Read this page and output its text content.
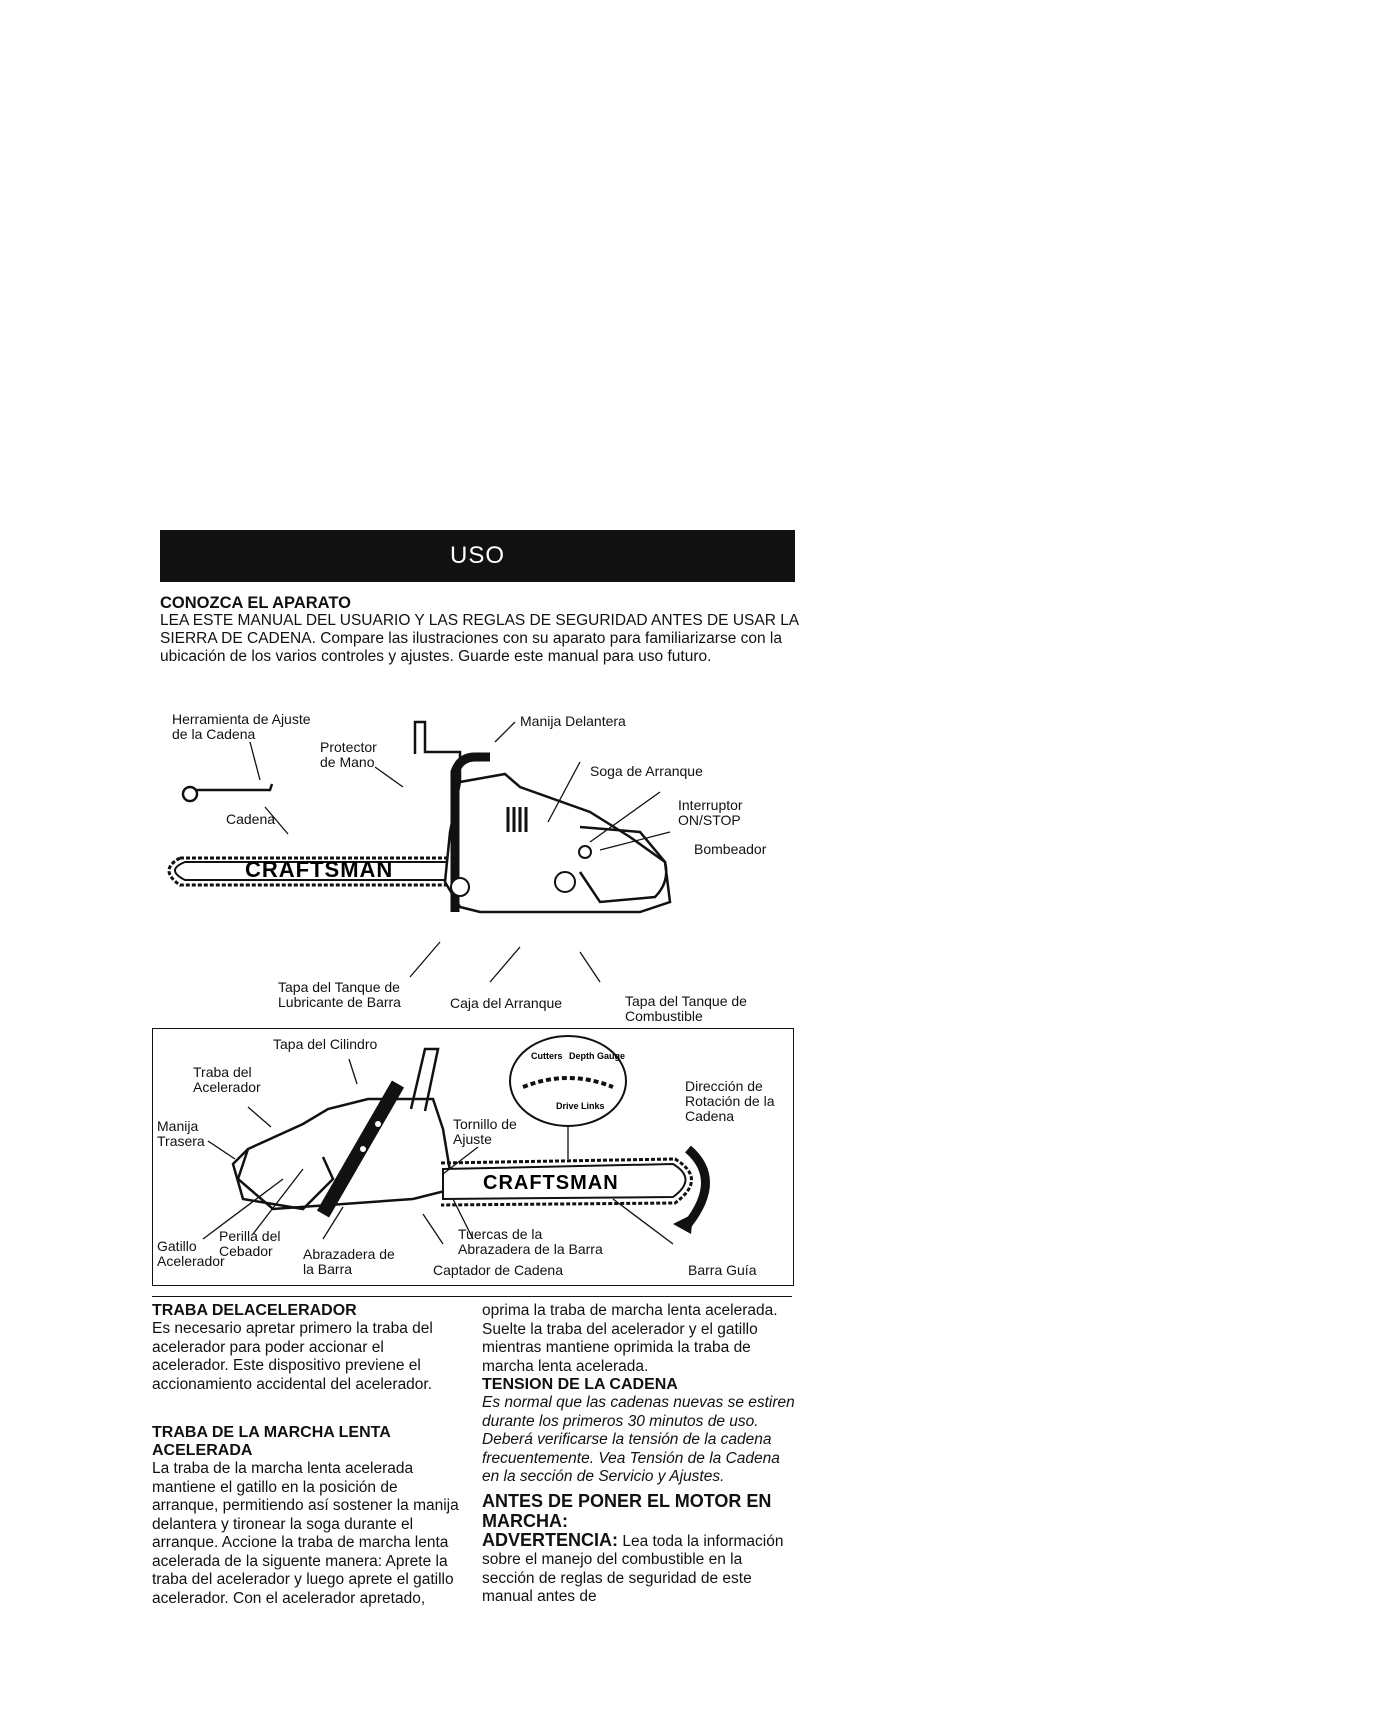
USO
CONOZCA EL APARATO
LEA ESTE MANUAL DEL USUARIO Y LAS REGLAS DE SEGURIDAD ANTES DE USAR LA SIERRA DE CADENA. Compare las ilustraciones con su aparato para familiarizarse con la ubicación de los varios controles y ajustes. Guarde este manual para uso futuro.
CRAFTSMAN
Herramienta de Ajuste
de la Cadena
Protector
de Mano
Manija Delantera
Soga de Arranque
Interruptor
ON/STOP
Bombeador
Cadena
Tapa del Tanque de
Lubricante de Barra	Caja del Arranque	Tapa del Tanque de
Combustible
CRAFTSMAN
Cutters Depth Gauge
Drive Links
Tapa del Cilindro
Traba del
Acelerador
Manija
Trasera
Tornillo de
Ajuste
Dirección de
Rotación de la
Cadena
Gatillo
Acelerador
Perilla del
Cebador	Abrazadera de
la Barra
Tuercas de la
Abrazadera de la Barra
Captador de Cadena	Barra Guía
TRABA DELACELERADOR

Es necesario apretar primero la traba del acelerador para poder accionar el acelerador. Este dispositivo previene el accionamiento accidental del acelerador.

TRABA DE LA MARCHA LENTA ACELERADA

La traba de la marcha lenta acelerada mantiene el gatillo en la posición de arranque, permitiendo así sostener la manija delantera y tironear la soga durante el arranque. Accione la traba de marcha lenta acelerada de la siguente manera: Aprete la traba del acelerador y luego aprete el gatillo acelerador. Con el acelerador apretado,

oprima la traba de marcha lenta acelerada. Suelte la traba del acelerador y el gatillo mientras mantiene oprimida la traba de marcha lenta acelerada.

TENSION DE LA CADENA

Es normal que las cadenas nuevas se estiren durante los primeros 30 minutos de uso. Deberá verificarse la tensión de la cadena frecuentemente. Vea Tensión de la Cadena en la sección de Servicio y Ajustes.

ANTES DE PONER EL MOTOR EN MARCHA:

ADVERTENCIA: Lea toda la información sobre el manejo del combustible en la sección de reglas de seguridad de este manual antes de
